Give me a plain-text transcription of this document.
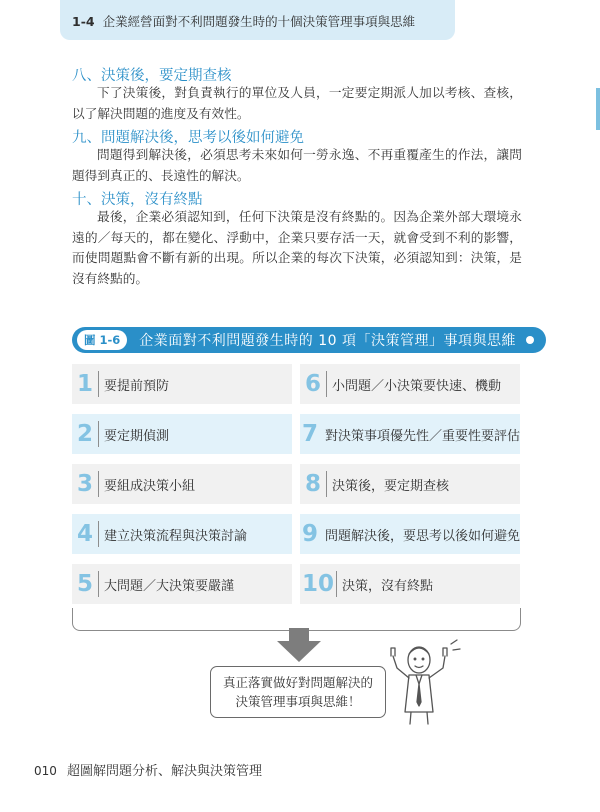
1-4 企業經營面對不利問題發生時的十個決策管理事項與思維
八、決策後，要定期查核
下了決策後，對負責執行的單位及人員，一定要定期派人加以考核、查核，以了解決問題的進度及有效性。
九、問題解決後，思考以後如何避免
問題得到解決後，必須思考未來如何一勞永逸、不再重覆產生的作法，讓問題得到真正的、長遠性的解決。
十、決策，沒有終點
最後，企業必須認知到，任何下決策是沒有終點的。因為企業外部大環境永遠的／每天的，都在變化、浮動中，企業只要存活一天，就會受到不利的影響，而使問題點會不斷有新的出現。所以企業的每次下決策，必須認知到：決策，是沒有終點的。
圖 1-6	企業面對不利問題發生時的 10 項「決策管理」事項與思維
1 要提前預防
2 要定期偵測
3 要組成決策小組
4 建立決策流程與決策討論
5 大問題／大決策要嚴謹
6 小問題／小決策要快速、機動
7 對決策事項優先性／重要性要評估
8 決策後，要定期查核
9 問題解決後，要思考以後如何避免
10 決策，沒有終點
真正落實做好對問題解決的
決策管理事項與思維！
010 超圖解問題分析、解決與決策管理
